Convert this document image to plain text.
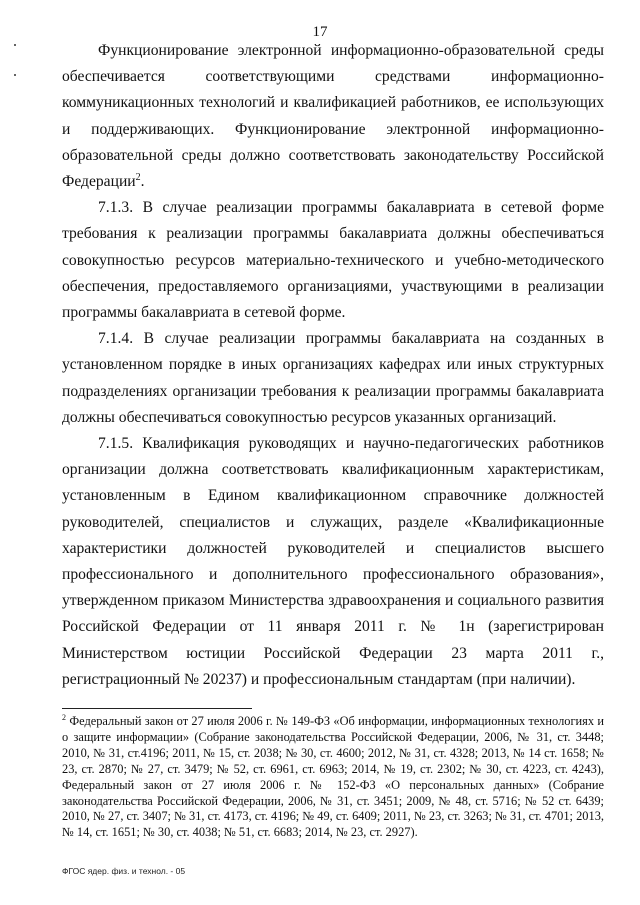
17

Функционирование электронной информационно-образовательной среды обеспечивается соответствующими средствами информационно-коммуникационных технологий и квалификацией работников, ее использующих и поддерживающих. Функционирование электронной информационно-образовательной среды должно соответствовать законодательству Российской Федерации$^2$.

7.1.3. В случае реализации программы бакалавриата в сетевой форме требования к реализации программы бакалавриата должны обеспечиваться совокупностью ресурсов материально-технического и учебно-методического обеспечения, предоставляемого организациями, участвующими в реализации программы бакалавриата в сетевой форме.

7.1.4. В случае реализации программы бакалавриата на созданных в установленном порядке в иных организациях кафедрах или иных структурных подразделениях организации требования к реализации программы бакалавриата должны обеспечиваться совокупностью ресурсов указанных организаций.

7.1.5. Квалификация руководящих и научно-педагогических работников организации должна соответствовать квалификационным характеристикам, установленным в Едином квалификационном справочнике должностей руководителей, специалистов и служащих, разделе «Квалификационные характеристики должностей руководителей и специалистов высшего профессионального и дополнительного профессионального образования», утвержденном приказом Министерства здравоохранения и социального развития Российской Федерации от 11 января 2011 г. № 1н (зарегистрирован Министерством юстиции Российской Федерации 23 марта 2011 г., регистрационный № 20237) и профессиональным стандартам (при наличии).

$^2$ Федеральный закон от 27 июля 2006 г. № 149-ФЗ «Об информации, информационных технологиях и о защите информации» (Собрание законодательства Российской Федерации, 2006, № 31, ст. 3448; 2010, № 31, ст.4196; 2011, № 15, ст. 2038; № 30, ст. 4600; 2012, № 31, ст. 4328; 2013, № 14 ст. 1658; № 23, ст. 2870; № 27, ст. 3479; № 52, ст. 6961, ст. 6963; 2014, № 19, ст. 2302; № 30, ст. 4223, ст. 4243), Федеральный закон от 27 июля 2006 г. № 152-ФЗ «О персональных данных» (Собрание законодательства Российской Федерации, 2006, № 31, ст. 3451; 2009, № 48, ст. 5716; № 52 ст. 6439; 2010, № 27, ст. 3407; № 31, ст. 4173, ст. 4196; № 49, ст. 6409; 2011, № 23, ст. 3263; № 31, ст. 4701; 2013, № 14, ст. 1651; № 30, ст. 4038; № 51, ст. 6683; 2014, № 23, ст. 2927).

ФГОС ядер. физ. и технол. - 05
